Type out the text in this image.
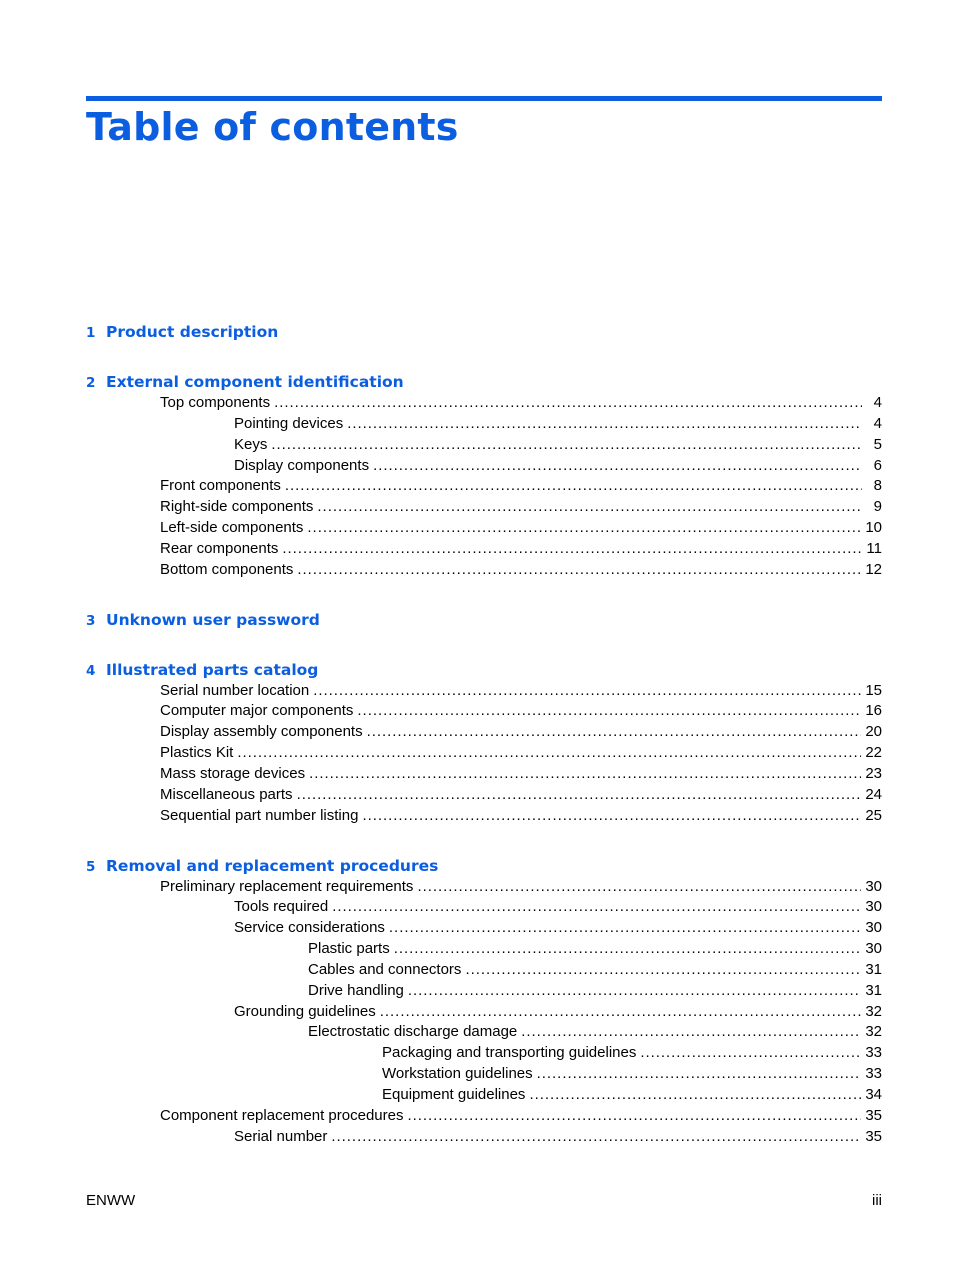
Table of contents
1 Product description
2 External component identification
Top components . . .	4
Pointing devices . . .	4
Keys . . .	5
Display components . . .	6
Front components . . .	8
Right-side components . . .	9
Left-side components . . .	10
Rear components . . .	11
Bottom components . . .	12
3 Unknown user password
4 Illustrated parts catalog
Serial number location . . .	15
Computer major components . . .	16
Display assembly components . . .	20
Plastics Kit . . .	22
Mass storage devices . . .	23
Miscellaneous parts . . .	24
Sequential part number listing . . .	25
5 Removal and replacement procedures
Preliminary replacement requirements . . .	30
Tools required . . .	30
Service considerations . . .	30
Plastic parts . . .	30
Cables and connectors . . .	31
Drive handling . . .	31
Grounding guidelines . . .	32
Electrostatic discharge damage . . .	32
Packaging and transporting guidelines . . .	33
Workstation guidelines . . .	33
Equipment guidelines . . .	34
Component replacement procedures . . .	35
Serial number . . .	35
ENWW	iii
